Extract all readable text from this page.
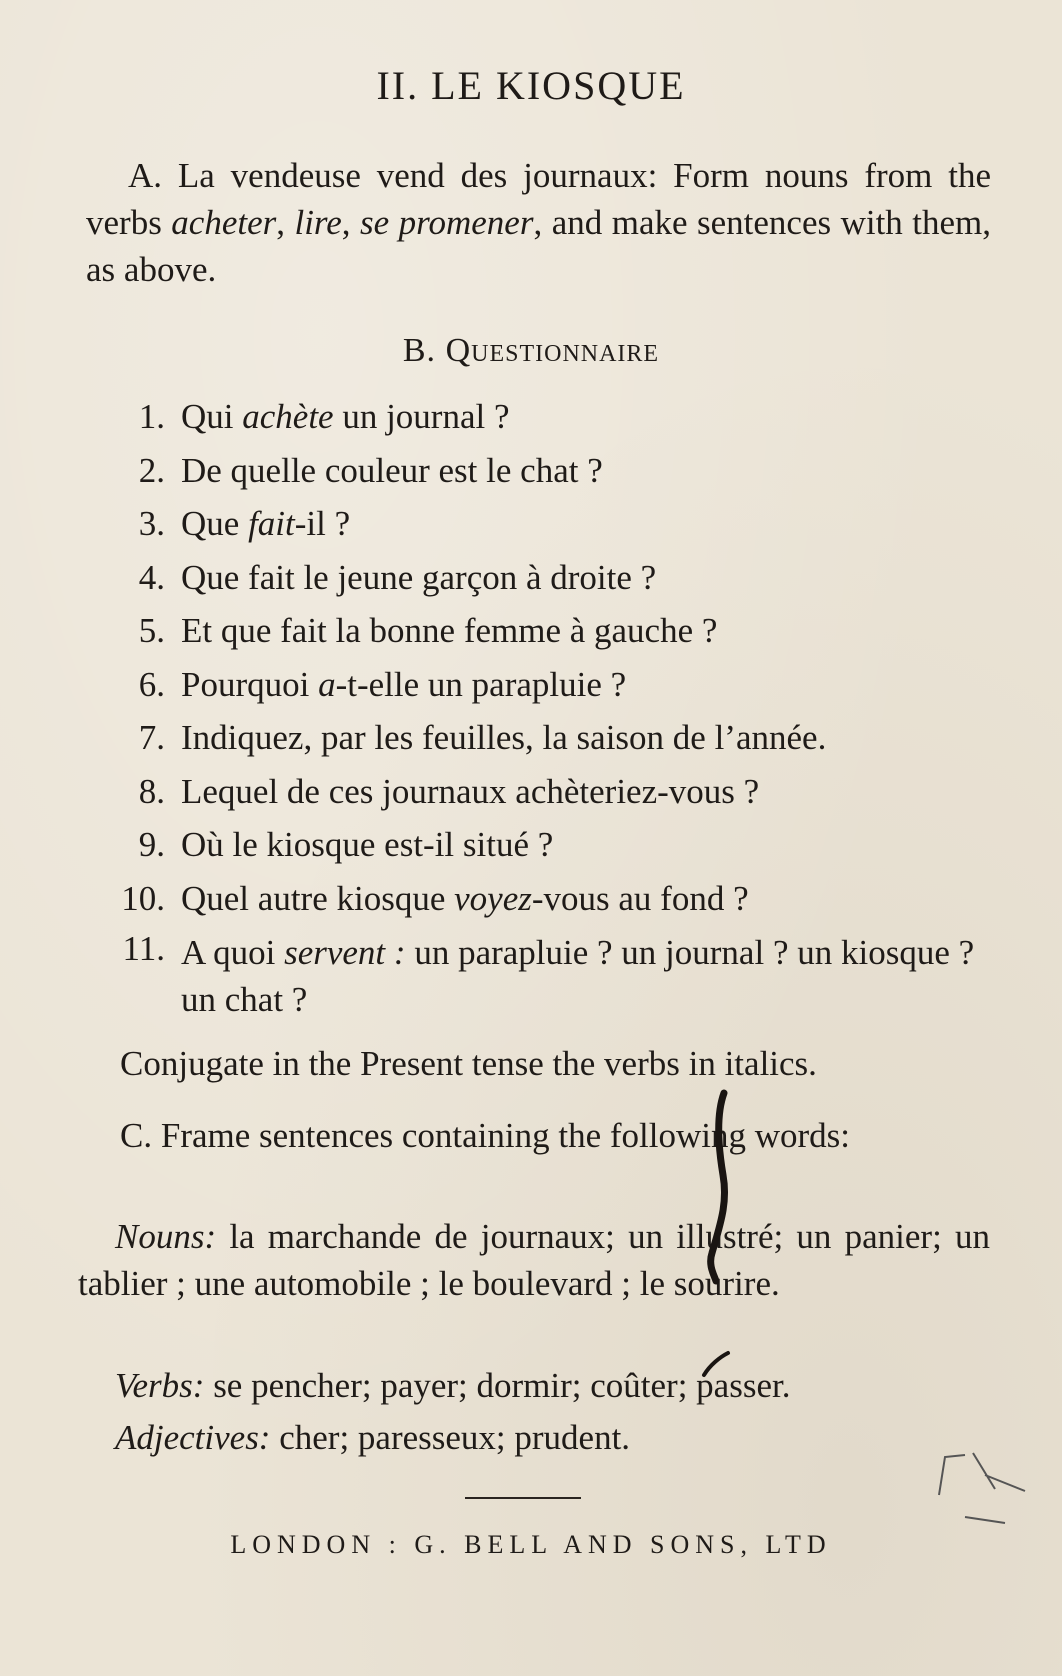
II. LE KIOSQUE

A. La vendeuse vend des journaux: Form nouns from the verbs acheter, lire, se promener, and make sentences with them, as above.

B. Questionnaire
1. Qui achète un journal ?
2. De quelle couleur est le chat ?
3. Que fait-il ?
4. Que fait le jeune garçon à droite ?
5. Et que fait la bonne femme à gauche ?
6. Pourquoi a-t-elle un parapluie ?
7. Indiquez, par les feuilles, la saison de l’année.
8. Lequel de ces journaux achèteriez-vous ?
9. Où le kiosque est-il situé ?
10. Quel autre kiosque voyez-vous au fond ?
11. A quoi servent : un parapluie ? un journal ? un kiosque ? un chat ?

Conjugate in the Present tense the verbs in italics.

C. Frame sentences containing the following words:

Nouns: la marchande de journaux; un illustré; un panier; un tablier ; une automobile ; le boulevard ; le sourire.

Verbs: se pencher; payer; dormir; coûter; passer.

Adjectives: cher; paresseux; prudent.

LONDON : G. BELL AND SONS, LTD
